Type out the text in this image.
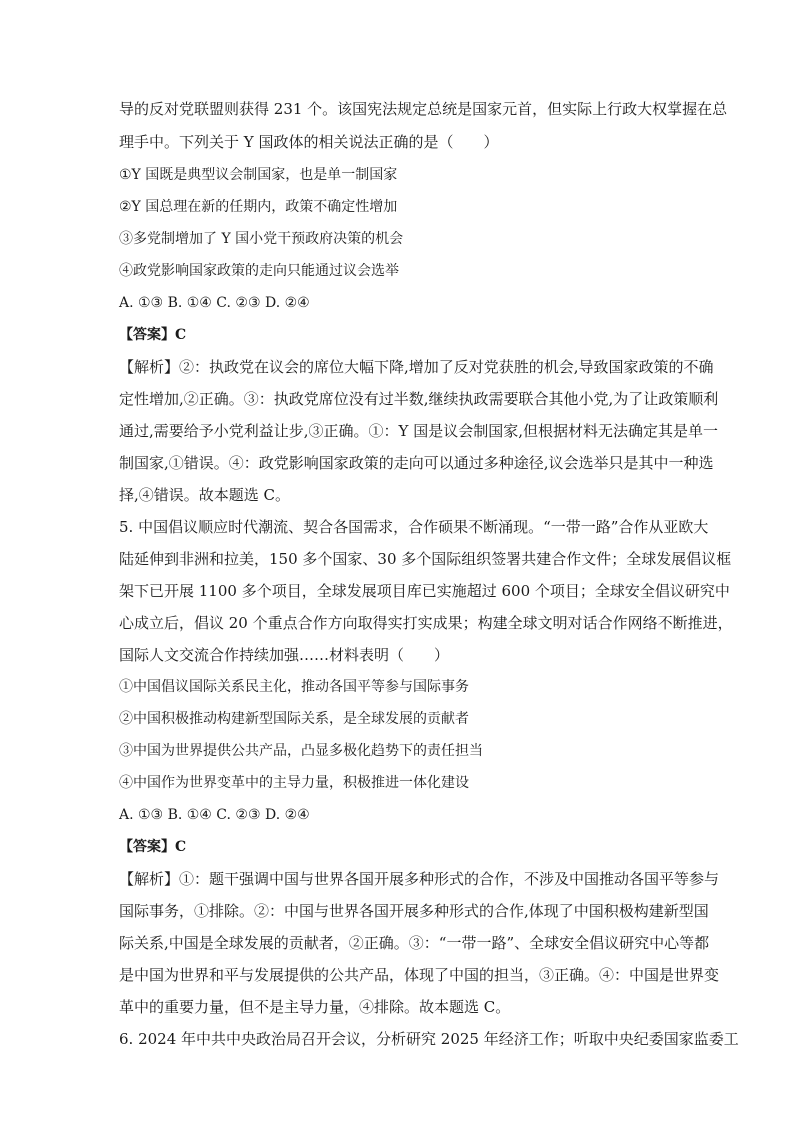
导的反对党联盟则获得 231 个。该国宪法规定总统是国家元首，但实际上行政大权掌握在总
理手中。下列关于 Y 国政体的相关说法正确的是（　　）
①Y 国既是典型议会制国家，也是单一制国家
②Y 国总理在新的任期内，政策不确定性增加
③多党制增加了 Y 国小党干预政府决策的机会
④政党影响国家政策的走向只能通过议会选举
A. ①③ B. ①④ C. ②③ D. ②④
【答案】C
【解析】②：执政党在议会的席位大幅下降,增加了反对党获胜的机会,导致国家政策的不确
定性增加,②正确。③：执政党席位没有过半数,继续执政需要联合其他小党,为了让政策顺利
通过,需要给予小党利益让步,③正确。①：Y 国是议会制国家,但根据材料无法确定其是单一
制国家,①错误。④：政党影响国家政策的走向可以通过多种途径,议会选举只是其中一种选
择,④错误。故本题选 C。
5. 中国倡议顺应时代潮流、契合各国需求，合作硕果不断涌现。“一带一路”合作从亚欧大
陆延伸到非洲和拉美，150 多个国家、30 多个国际组织签署共建合作文件；全球发展倡议框
架下已开展 1100 多个项目，全球发展项目库已实施超过 600 个项目；全球安全倡议研究中
心成立后，倡议 20 个重点合作方向取得实打实成果；构建全球文明对话合作网络不断推进，
国际人文交流合作持续加强……材料表明（　　）
①中国倡议国际关系民主化，推动各国平等参与国际事务
②中国积极推动构建新型国际关系，是全球发展的贡献者
③中国为世界提供公共产品，凸显多极化趋势下的责任担当
④中国作为世界变革中的主导力量，积极推进一体化建设
A. ①③ B. ①④ C. ②③ D. ②④
【答案】C
【解析】①：题干强调中国与世界各国开展多种形式的合作，不涉及中国推动各国平等参与
国际事务，①排除。②：中国与世界各国开展多种形式的合作,体现了中国积极构建新型国
际关系,中国是全球发展的贡献者，②正确。③：“一带一路”、全球安全倡议研究中心等都
是中国为世界和平与发展提供的公共产品，体现了中国的担当，③正确。④：中国是世界变
革中的重要力量，但不是主导力量，④排除。故本题选 C。
6. 2024 年中共中央政治局召开会议，分析研究 2025 年经济工作；听取中央纪委国家监委工
